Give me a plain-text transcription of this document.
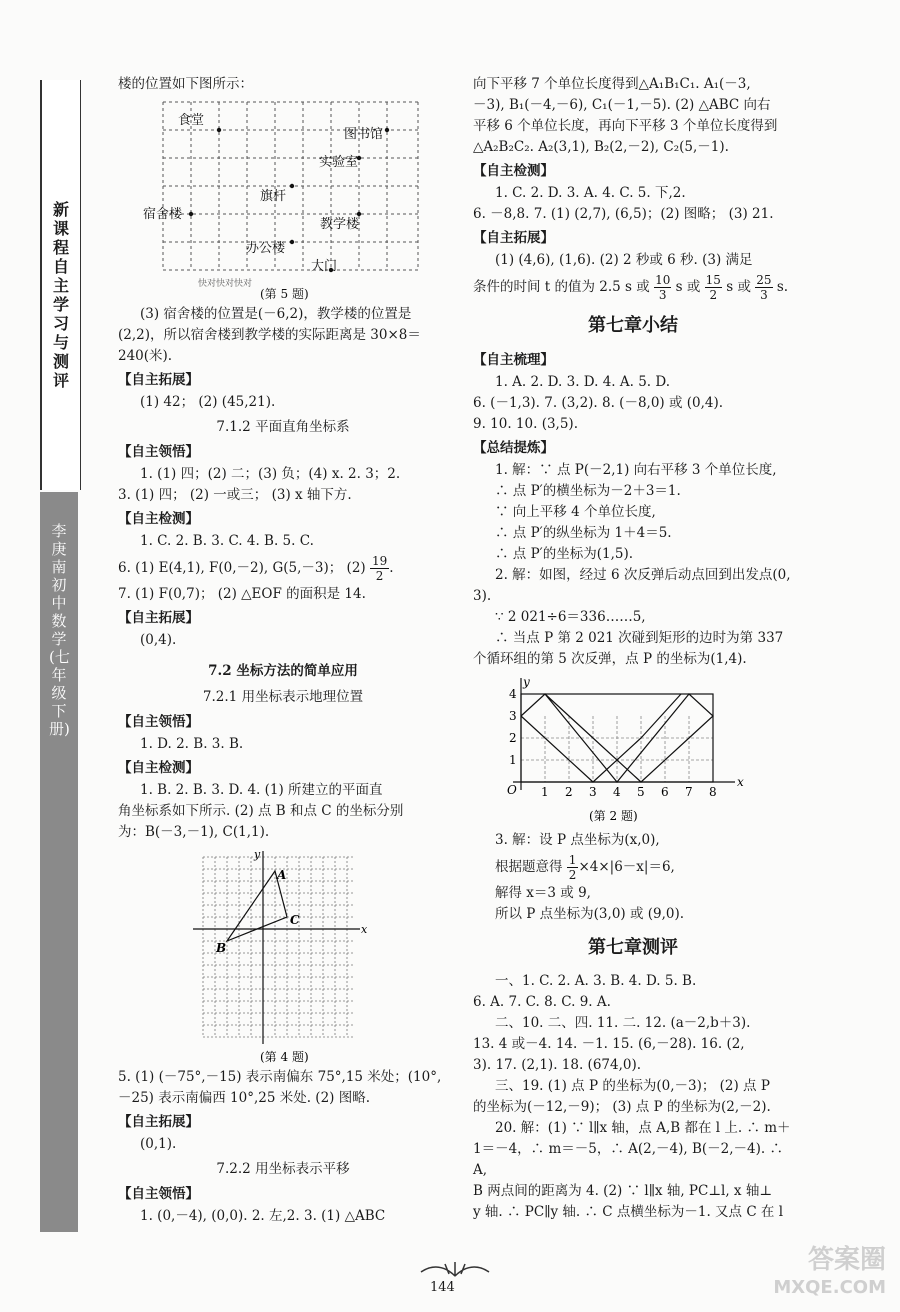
新课程自主学习与测评
李庚南初中数学(七年级下册)

楼的位置如下图所示：

食堂
图书馆
实验室
旗杆
宿舍楼
教学楼
办公楼
大门
快对快对快对
(第 5 题)

(3) 宿舍楼的位置是(－6,2)，教学楼的位置是

(2,2)，所以宿舍楼到教学楼的实际距离是 30×8＝

240(米).

【自主拓展】

(1) 42； (2) (45,21).

7.1.2 平面直角坐标系
【自主领悟】

1. (1) 四；(2) 二；(3) 负；(4) x. 2. 3；2.

3. (1) 四； (2) 一或三； (3) x 轴下方.

【自主检测】

1. C. 2. B. 3. C. 4. B. 5. C.

6. (1) E(4,1), F(0,－2), G(5,－3)； $(2) \frac{19}{2}$ .

7. (1) F(0,7)； (2) △EOF 的面积是 14.

【自主拓展】

(0,4).

7.2 坐标方法的简单应用
7.2.1 用坐标表示地理位置
【自主领悟】

1. D. 2. B. 3. B.

【自主检测】

1. B. 2. B. 3. D. 4. (1) 所建立的平面直

角坐标系如下所示. (2) 点 B 和点 C 的坐标分别

为：B(－3,－1), C(1,1).

x
y
A
B
C
(第 4 题)

5. (1) (－75°,－15) 表示南偏东 75°,15 米处；(10°,

－25) 表示南偏西 10°,25 米处. (2) 图略.

【自主拓展】

(0,1).

7.2.2 用坐标表示平移
【自主领悟】

1. (0,－4), (0,0). 2. 左,2. 3. (1) △ABC

向下平移 7 个单位长度得到△A₁B₁C₁. A₁(－3,

－3), B₁(－4,－6), C₁(－1,－5). (2) △ABC 向右

平移 6 个单位长度，再向下平移 3 个单位长度得到

△A₂B₂C₂. A₂(3,1), B₂(2,－2), C₂(5,－1).

【自主检测】

1. C. 2. D. 3. A. 4. C. 5. 下,2.

6. －8,8. 7. (1) (2,7), (6,5)；(2) 图略； (3) 21.

【自主拓展】

(1) (4,6), (1,6). (2) 2 秒或 6 秒. (3) 满足

条件的时间 t 的值为 2.5 s 或 $\frac{10}{3}$ s 或 $\frac{15}{2}$ s 或 $\frac{25}{3} s$.

第七章小结
【自主梳理】

1. A. 2. D. 3. D. 4. A. 5. D.

6. (－1,3). 7. (3,2). 8. (－8,0) 或 (0,4).

9. 10. 10. (3,5).

【总结提炼】

1. 解：∵ 点 P(－2,1) 向右平移 3 个单位长度,

∴ 点 P′的横坐标为－2＋3＝1.

∵ 向上平移 4 个单位长度,

∴ 点 P′的纵坐标为 1＋4＝5.

∴ 点 P′的坐标为(1,5).

2. 解：如图，经过 6 次反弹后动点回到出发点(0,

3).

∵ 2 021÷6＝336……5,

∴ 当点 P 第 2 021 次碰到矩形的边时为第 337

个循环组的第 5 次反弹，点 P 的坐标为(1,4).

y
x
O
4
3
2
1
1 2 3 4 5 6 7 8
(第 2 题)

3. 解：设 P 点坐标为(x,0),

根据题意得 $\frac{1}{2} \times 4\times|6-x|=6$,

解得 x＝3 或 9,

所以 P 点坐标为(3,0) 或 (9,0).

第七章测评

一、1. C. 2. A. 3. B. 4. D. 5. B.

6. A. 7. C. 8. C. 9. A.

二、10. 二、四. 11. 二. 12. (a－2,b＋3).

13. 4 或－4. 14. －1. 15. (6,－28). 16. (2,

3). 17. (2,1). 18. (674,0).

三、19. (1) 点 P 的坐标为(0,－3)； (2) 点 P

的坐标为(－12,－9)； (3) 点 P 的坐标为(2,－2).

20. 解：(1) ∵ l∥x 轴，点 A,B 都在 l 上. ∴ m＋

1＝－4，∴ m＝－5，∴ A(2,－4), B(－2,－4). ∴ A,

B 两点间的距离为 4. (2) ∵ l∥x 轴, PC⊥l, x 轴⊥

y 轴. ∴ PC∥y 轴. ∴ C 点横坐标为－1. 又点 C 在 l

144
答案圈
MXQE.COM
